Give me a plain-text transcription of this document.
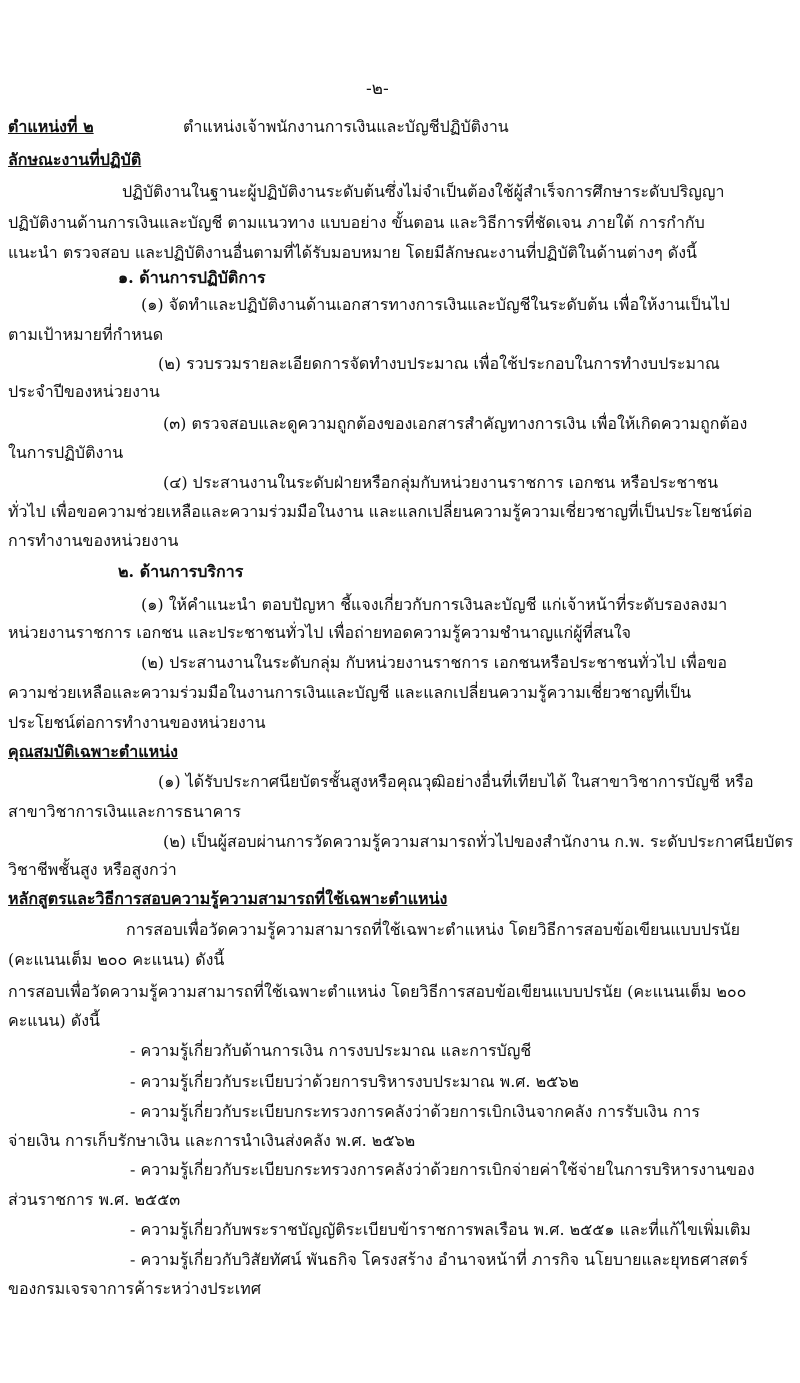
-๒-
ตำแหน่งที่ ๒	ตำแหน่งเจ้าพนักงานการเงินและบัญชีปฏิบัติงาน
ลักษณะงานที่ปฏิบัติ
ปฏิบัติงานในฐานะผู้ปฏิบัติงานระดับต้นซึ่งไม่จำเป็นต้องใช้ผู้สำเร็จการศึกษาระดับปริญญา
ปฏิบัติงานด้านการเงินและบัญชี ตามแนวทาง แบบอย่าง ขั้นตอน และวิธีการที่ชัดเจน ภายใต้ การกำกับ
แนะนำ ตรวจสอบ และปฏิบัติงานอื่นตามที่ได้รับมอบหมาย โดยมีลักษณะงานที่ปฏิบัติในด้านต่างๆ ดังนี้
๑. ด้านการปฏิบัติการ
(๑) จัดทำและปฏิบัติงานด้านเอกสารทางการเงินและบัญชีในระดับต้น เพื่อให้งานเป็นไป
ตามเป้าหมายที่กำหนด
(๒) รวบรวมรายละเอียดการจัดทำงบประมาณ เพื่อใช้ประกอบในการทำงบประมาณ
ประจำปีของหน่วยงาน
(๓) ตรวจสอบและดูความถูกต้องของเอกสารสำคัญทางการเงิน เพื่อให้เกิดความถูกต้อง
ในการปฏิบัติงาน
(๔) ประสานงานในระดับฝ่ายหรือกลุ่มกับหน่วยงานราชการ เอกชน หรือประชาชน
ทั่วไป เพื่อขอความช่วยเหลือและความร่วมมือในงาน และแลกเปลี่ยนความรู้ความเชี่ยวชาญที่เป็นประโยชน์ต่อ
การทำงานของหน่วยงาน
๒. ด้านการบริการ
(๑) ให้คำแนะนำ ตอบปัญหา ชี้แจงเกี่ยวกับการเงินละบัญชี แก่เจ้าหน้าที่ระดับรองลงมา
หน่วยงานราชการ เอกชน และประชาชนทั่วไป เพื่อถ่ายทอดความรู้ความชำนาญแก่ผู้ที่สนใจ
(๒) ประสานงานในระดับกลุ่ม กับหน่วยงานราชการ เอกชนหรือประชาชนทั่วไป เพื่อขอ
ความช่วยเหลือและความร่วมมือในงานการเงินและบัญชี และแลกเปลี่ยนความรู้ความเชี่ยวชาญที่เป็น
ประโยชน์ต่อการทำงานของหน่วยงาน
คุณสมบัติเฉพาะตำแหน่ง
(๑) ได้รับประกาศนียบัตรชั้นสูงหรือคุณวุฒิอย่างอื่นที่เทียบได้ ในสาขาวิชาการบัญชี หรือ
สาขาวิชาการเงินและการธนาคาร
(๒) เป็นผู้สอบผ่านการวัดความรู้ความสามารถทั่วไปของสำนักงาน ก.พ. ระดับประกาศนียบัตร
วิชาชีพชั้นสูง หรือสูงกว่า
หลักสูตรและวิธีการสอบความรู้ความสามารถที่ใช้เฉพาะตำแหน่ง
การสอบเพื่อวัดความรู้ความสามารถที่ใช้เฉพาะตำแหน่ง โดยวิธีการสอบข้อเขียนแบบปรนัย
(คะแนนเต็ม ๒๐๐ คะแนน) ดังนี้
การสอบเพื่อวัดความรู้ความสามารถที่ใช้เฉพาะตำแหน่ง โดยวิธีการสอบข้อเขียนแบบปรนัย (คะแนนเต็ม ๒๐๐
คะแนน) ดังนี้
- ความรู้เกี่ยวกับด้านการเงิน การงบประมาณ และการบัญชี
- ความรู้เกี่ยวกับระเบียบว่าด้วยการบริหารงบประมาณ พ.ศ. ๒๕๖๒
- ความรู้เกี่ยวกับระเบียบกระทรวงการคลังว่าด้วยการเบิกเงินจากคลัง การรับเงิน การ
จ่ายเงิน การเก็บรักษาเงิน และการนำเงินส่งคลัง พ.ศ. ๒๕๖๒
- ความรู้เกี่ยวกับระเบียบกระทรวงการคลังว่าด้วยการเบิกจ่ายค่าใช้จ่ายในการบริหารงานของ
ส่วนราชการ พ.ศ. ๒๕๕๓
- ความรู้เกี่ยวกับพระราชบัญญัติระเบียบข้าราชการพลเรือน พ.ศ. ๒๕๕๑ และที่แก้ไขเพิ่มเติม
- ความรู้เกี่ยวกับวิสัยทัศน์ พันธกิจ โครงสร้าง อำนาจหน้าที่ ภารกิจ นโยบายและยุทธศาสตร์
ของกรมเจรจาการค้าระหว่างประเทศ
